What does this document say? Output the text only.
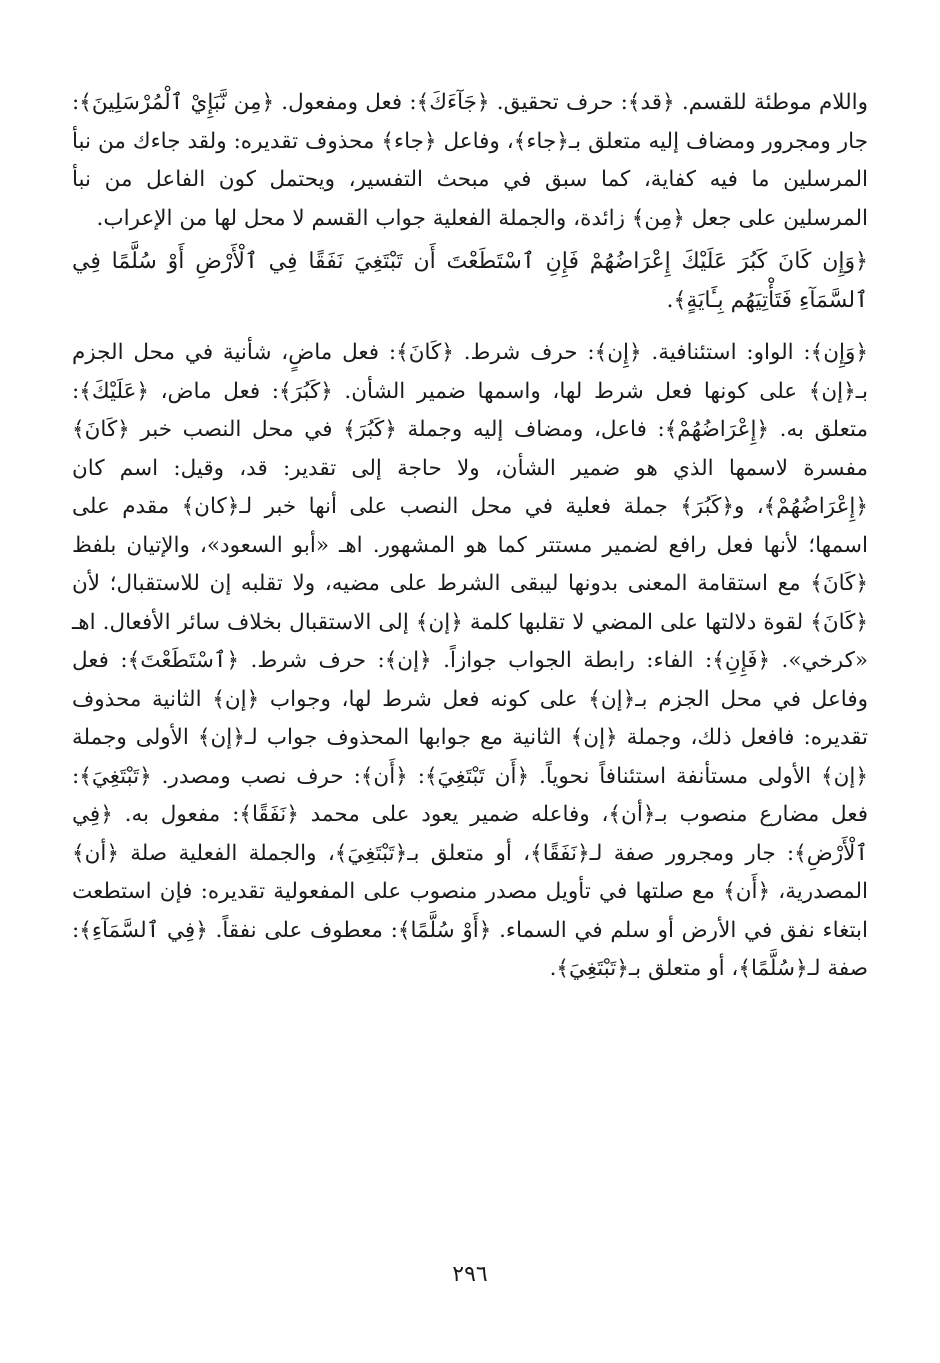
واللام موطئة للقسم. ﴿قد﴾: حرف تحقيق. ﴿جَآءَكَ﴾: فعل ومفعول. ﴿مِن نَّبَإِيْ ٱلْمُرْسَلِينَ﴾: جار ومجرور ومضاف إليه متعلق بـ﴿جاء﴾، وفاعل ﴿جاء﴾ محذوف تقديره: ولقد جاءك من نبأ المرسلين ما فيه كفاية، كما سبق في مبحث التفسير، ويحتمل كون الفاعل من نبأ المرسلين على جعل ﴿مِن﴾ زائدة، والجملة الفعلية جواب القسم لا محل لها من الإعراب.

﴿وَإِن كَانَ كَبُرَ عَلَيْكَ إِعْرَاضُهُمْ فَإِنِ ٱسْتَطَعْتَ أَن تَبْتَغِيَ نَفَقًا فِي ٱلْأَرْضِ أَوْ سُلَّمًا فِي ٱلسَّمَآءِ فَتَأْتِيَهُم بِـَٔايَةٍ﴾.

﴿وَإِن﴾: الواو: استئنافية. ﴿إِن﴾: حرف شرط. ﴿كَانَ﴾: فعل ماضٍ، شأنية في محل الجزم بـ﴿إن﴾ على كونها فعل شرط لها، واسمها ضمير الشأن. ﴿كَبُرَ﴾: فعل ماض، ﴿عَلَيْكَ﴾: متعلق به. ﴿إِعْرَاضُهُمْ﴾: فاعل، ومضاف إليه وجملة ﴿كَبُرَ﴾ في محل النصب خبر ﴿كَانَ﴾ مفسرة لاسمها الذي هو ضمير الشأن، ولا حاجة إلى تقدير: قد، وقيل: اسم كان ﴿إِعْرَاضُهُمْ﴾، و﴿كَبُرَ﴾ جملة فعلية في محل النصب على أنها خبر لـ﴿كان﴾ مقدم على اسمها؛ لأنها فعل رافع لضمير مستتر كما هو المشهور. اهـ «أبو السعود»، والإتيان بلفظ ﴿كَانَ﴾ مع استقامة المعنى بدونها ليبقى الشرط على مضيه، ولا تقلبه إن للاستقبال؛ لأن ﴿كَانَ﴾ لقوة دلالتها على المضي لا تقلبها كلمة ﴿إن﴾ إلى الاستقبال بخلاف سائر الأفعال. اهـ «كرخي». ﴿فَإِنِ﴾: الفاء: رابطة الجواب جوازاً. ﴿إن﴾: حرف شرط. ﴿ٱسْتَطَعْتَ﴾: فعل وفاعل في محل الجزم بـ﴿إن﴾ على كونه فعل شرط لها، وجواب ﴿إن﴾ الثانية محذوف تقديره: فافعل ذلك، وجملة ﴿إن﴾ الثانية مع جوابها المحذوف جواب لـ﴿إن﴾ الأولى وجملة ﴿إن﴾ الأولى مستأنفة استئنافاً نحوياً. ﴿أَن تَبْتَغِيَ﴾: ﴿أَن﴾: حرف نصب ومصدر. ﴿تَبْتَغِيَ﴾: فعل مضارع منصوب بـ﴿أن﴾، وفاعله ضمير يعود على محمد ﴿نَفَقًا﴾: مفعول به. ﴿فِي ٱلْأَرْضِ﴾: جار ومجرور صفة لـ﴿نَفَقًا﴾، أو متعلق بـ﴿تَبْتَغِيَ﴾، والجملة الفعلية صلة ﴿أن﴾ المصدرية، ﴿أَن﴾ مع صلتها في تأويل مصدر منصوب على المفعولية تقديره: فإن استطعت ابتغاء نفق في الأرض أو سلم في السماء. ﴿أَوْ سُلَّمًا﴾: معطوف على نفقاً. ﴿فِي ٱلسَّمَآءِ﴾: صفة لـ﴿سُلَّمًا﴾، أو متعلق بـ﴿تَبْتَغِيَ﴾.

٢٩٦
